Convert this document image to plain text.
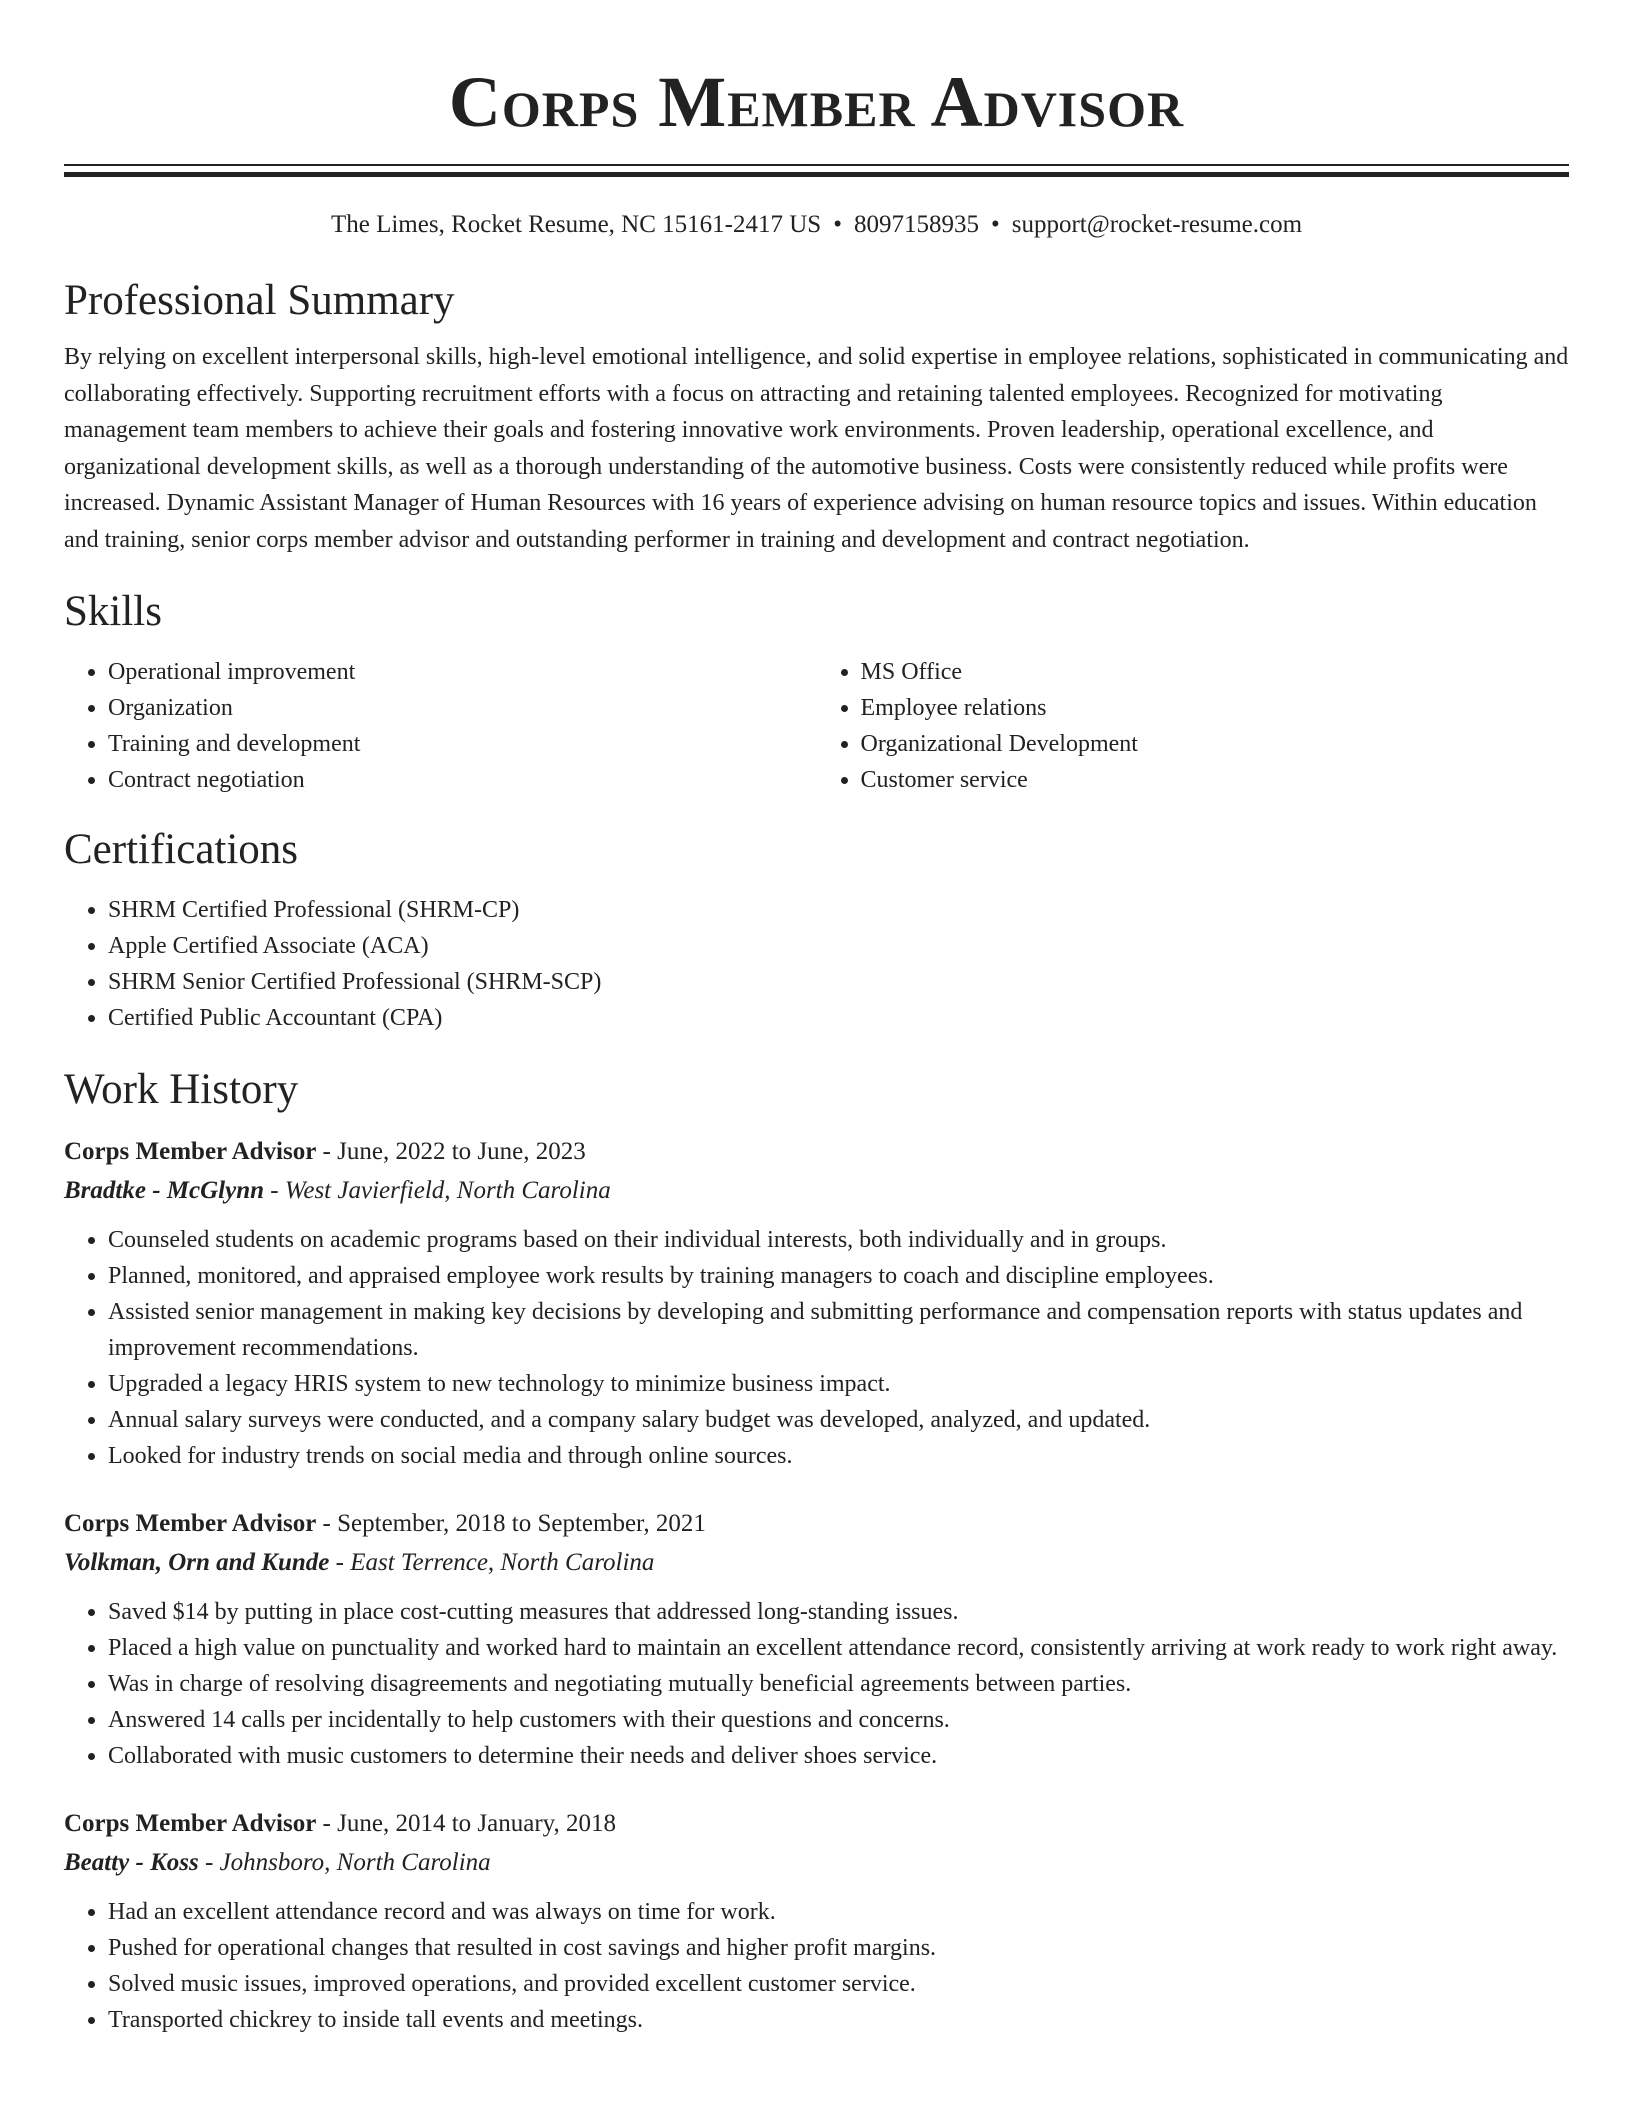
Corps Member Advisor
The Limes, Rocket Resume, NC 15161-2417 US • 8097158935 • support@rocket-resume.com
Professional Summary
By relying on excellent interpersonal skills, high-level emotional intelligence, and solid expertise in employee relations, sophisticated in communicating and collaborating effectively. Supporting recruitment efforts with a focus on attracting and retaining talented employees. Recognized for motivating management team members to achieve their goals and fostering innovative work environments. Proven leadership, operational excellence, and organizational development skills, as well as a thorough understanding of the automotive business. Costs were consistently reduced while profits were increased. Dynamic Assistant Manager of Human Resources with 16 years of experience advising on human resource topics and issues. Within education and training, senior corps member advisor and outstanding performer in training and development and contract negotiation.
Skills
• Operational improvement
• Organization
• Training and development
• Contract negotiation
• MS Office
• Employee relations
• Organizational Development
• Customer service
Certifications
• SHRM Certified Professional (SHRM-CP)
• Apple Certified Associate (ACA)
• SHRM Senior Certified Professional (SHRM-SCP)
• Certified Public Accountant (CPA)
Work History
Corps Member Advisor - June, 2022 to June, 2023
Bradtke - McGlynn - West Javierfield, North Carolina
• Counseled students on academic programs based on their individual interests, both individually and in groups.
• Planned, monitored, and appraised employee work results by training managers to coach and discipline employees.
• Assisted senior management in making key decisions by developing and submitting performance and compensation reports with status updates and improvement recommendations.
• Upgraded a legacy HRIS system to new technology to minimize business impact.
• Annual salary surveys were conducted, and a company salary budget was developed, analyzed, and updated.
• Looked for industry trends on social media and through online sources.
Corps Member Advisor - September, 2018 to September, 2021
Volkman, Orn and Kunde - East Terrence, North Carolina
• Saved $14 by putting in place cost-cutting measures that addressed long-standing issues.
• Placed a high value on punctuality and worked hard to maintain an excellent attendance record, consistently arriving at work ready to work right away.
• Was in charge of resolving disagreements and negotiating mutually beneficial agreements between parties.
• Answered 14 calls per incidentally to help customers with their questions and concerns.
• Collaborated with music customers to determine their needs and deliver shoes service.
Corps Member Advisor - June, 2014 to January, 2018
Beatty - Koss - Johnsboro, North Carolina
• Had an excellent attendance record and was always on time for work.
• Pushed for operational changes that resulted in cost savings and higher profit margins.
• Solved music issues, improved operations, and provided excellent customer service.
• Transported chickrey to inside tall events and meetings.
